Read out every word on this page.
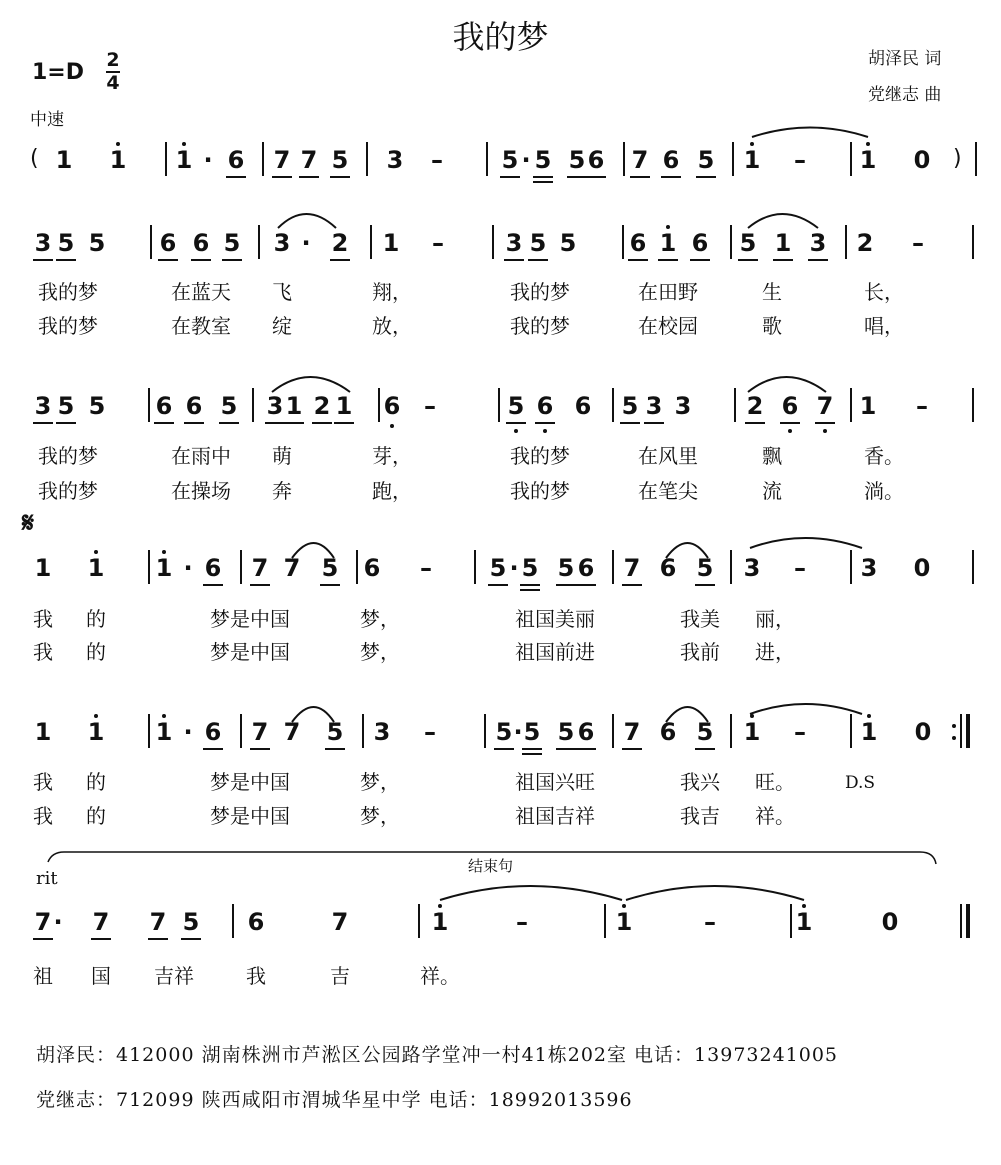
我的梦
胡泽民 词
党继志 曲
1=D 2
4
中速
𝄋
D.S
rit
结束句
(	)
1 1 1 · 6 7 7 5 3 – 5 · 5 5 6 7 6 5 1 – 1 0
3 5 5 6 6 5 3 · 2 1 –	3 5 5 6 1 6 5 1 3 2 –
3 5 5 6 6 5 3 1 2 1 6 –	5 6 6 5 3 3 2 6 7 1 –
1 1 1 · 6 7 7 5 6 – 5 · 5 5 6 7 6 5 3 – 3 0
1 1 1 · 6 7 7 5 3 – 5 · 5 5 6 7 6 5 1 – 1 0
7 · 7 7 5 6	7	1	–	1	–	1	0
我的梦	在蓝天 飞	翔，	我的梦	在田野	生	长，
我的梦	在教室 绽	放，	我的梦	在校园	歌	唱，
我的梦	在雨中 萌	芽，	我的梦	在风里	飘	香。
我的梦	在操场 奔	跑，	我的梦	在笔尖	流	淌。
我 的	梦是中国	梦，	祖国美丽	我美 丽，
我 的	梦是中国	梦，	祖国前进	我前 进，
我 的	梦是中国	梦，	祖国兴旺	我兴 旺。
我 的	梦是中国	梦，	祖国吉祥	我吉 祥。
祖 国 吉祥	我	吉	祥。
胡泽民：412000 湖南株洲市芦淞区公园路学堂冲一村41栋202室 电话：13973241005
党继志：712099 陕西咸阳市渭城华星中学 电话：18992013596
